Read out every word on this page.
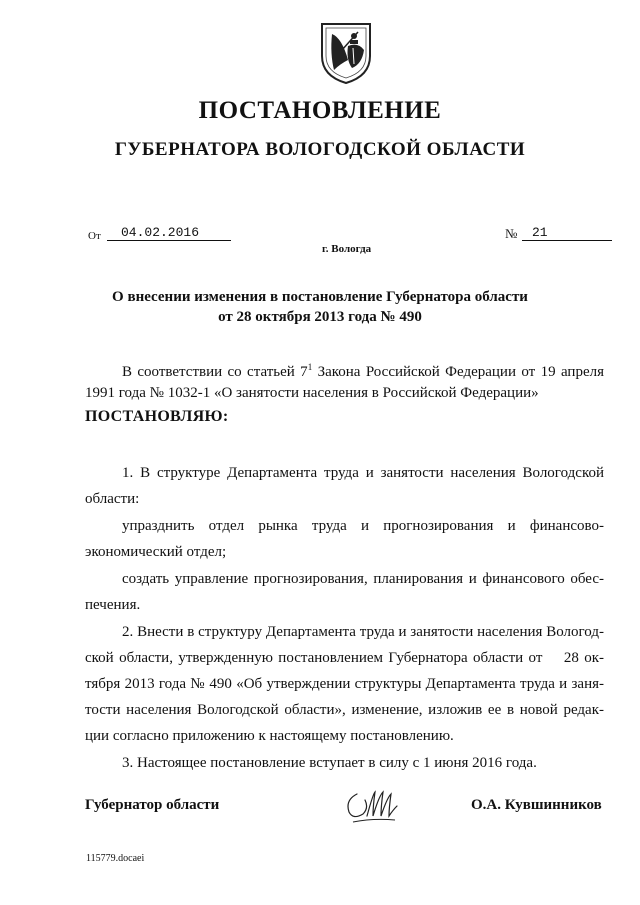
ПОСТАНОВЛЕНИЕ
ГУБЕРНАТОРА ВОЛОГОДСКОЙ ОБЛАСТИ
От	04.02.2016	№	21
г. Вологда
О внесении изменения в постановление Губернатора области
от 28 октября 2013 года № 490
В соответствии со статьей $7^1$ Закона Российской Федерации от 19 апреля
1991 года № 1032-1 «О занятости населения в Российской Федерации»
ПОСТАНОВЛЯЮ:
1. В структуре Департамента труда и занятости населения Вологодской
области:
упразднить отдел рынка труда и прогнозирования и финансово-
экономический отдел;
создать управление прогнозирования, планирования и финансового обес-
печения.
2. Внести в структуру Департамента труда и занятости населения Вологод-
ской области, утвержденную постановлением Губернатора области от    28 ок-
тября 2013 года № 490 «Об утверждении структуры Департамента труда и заня-
тости населения Вологодской области», изменение, изложив ее в новой редак-
ции согласно приложению к настоящему постановлению.
3. Настоящее постановление вступает в силу с 1 июня 2016 года.
Губернатор области	О.А. Кувшинников
115779.docaei
